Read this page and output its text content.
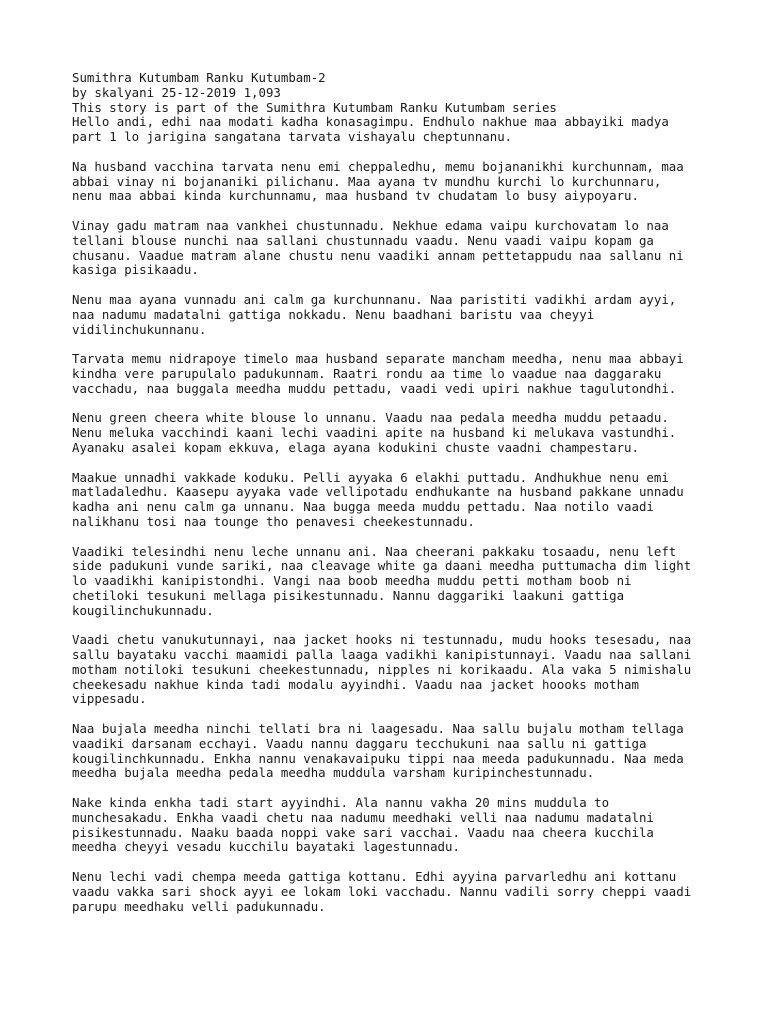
Sumithra Kutumbam Ranku Kutumbam-2
by skalyani 25-12-2019 1,093
This story is part of the Sumithra Kutumbam Ranku Kutumbam series
Hello andi, edhi naa modati kadha konasagimpu. Endhulo nakhue maa abbayiki madya
part 1 lo jarigina sangatana tarvata vishayalu cheptunnanu.
Na husband vacchina tarvata nenu emi cheppaledhu, memu bojananikhi kurchunnam, maa
abbai vinay ni bojananiki pilichanu. Maa ayana tv mundhu kurchi lo kurchunnaru,
nenu maa abbai kinda kurchunnamu, maa husband tv chudatam lo busy aiypoyaru.
Vinay gadu matram naa vankhei chustunnadu. Nekhue edama vaipu kurchovatam lo naa
tellani blouse nunchi naa sallani chustunnadu vaadu. Nenu vaadi vaipu kopam ga
chusanu. Vaadue matram alane chustu nenu vaadiki annam pettetappudu naa sallanu ni
kasiga pisikaadu.
Nenu maa ayana vunnadu ani calm ga kurchunnanu. Naa paristiti vadikhi ardam ayyi,
naa nadumu madatalni gattiga nokkadu. Nenu baadhani baristu vaa cheyyi
vidilinchukunnanu.
Tarvata memu nidrapoye timelo maa husband separate mancham meedha, nenu maa abbayi
kindha vere parupulalo padukunnam. Raatri rondu aa time lo vaadue naa daggaraku
vacchadu, naa buggala meedha muddu pettadu, vaadi vedi upiri nakhue tagulutondhi.
Nenu green cheera white blouse lo unnanu. Vaadu naa pedala meedha muddu petaadu.
Nenu meluka vacchindi kaani lechi vaadini apite na husband ki melukava vastundhi.
Ayanaku asalei kopam ekkuva, elaga ayana kodukini chuste vaadni champestaru.
Maakue unnadhi vakkade koduku. Pelli ayyaka 6 elakhi puttadu. Andhukhue nenu emi
matladaledhu. Kaasepu ayyaka vade vellipotadu endhukante na husband pakkane unnadu
kadha ani nenu calm ga unnanu. Naa bugga meeda muddu pettadu. Naa notilo vaadi
nalikhanu tosi naa tounge tho penavesi cheekestunnadu.
Vaadiki telesindhi nenu leche unnanu ani. Naa cheerani pakkaku tosaadu, nenu left
side padukuni vunde sariki, naa cleavage white ga daani meedha puttumacha dim light
lo vaadikhi kanipistondhi. Vangi naa boob meedha muddu petti motham boob ni
chetiloki tesukuni mellaga pisikestunnadu. Nannu daggariki laakuni gattiga
kougilinchukunnadu.
Vaadi chetu vanukutunnayi, naa jacket hooks ni testunnadu, mudu hooks tesesadu, naa
sallu bayataku vacchi maamidi palla laaga vadikhi kanipistunnayi. Vaadu naa sallani
motham notiloki tesukuni cheekestunnadu, nipples ni korikaadu. Ala vaka 5 nimishalu
cheekesadu nakhue kinda tadi modalu ayyindhi. Vaadu naa jacket hoooks motham
vippesadu.
Naa bujala meedha ninchi tellati bra ni laagesadu. Naa sallu bujalu motham tellaga
vaadiki darsanam ecchayi. Vaadu nannu daggaru tecchukuni naa sallu ni gattiga
kougilinchkunnadu. Enkha nannu venakavaipuku tippi naa meeda padukunnadu. Naa meda
meedha bujala meedha pedala meedha muddula varsham kuripinchestunnadu.
Nake kinda enkha tadi start ayyindhi. Ala nannu vakha 20 mins muddula to
munchesakadu. Enkha vaadi chetu naa nadumu meedhaki velli naa nadumu madatalni
pisikestunnadu. Naaku baada noppi vake sari vacchai. Vaadu naa cheera kucchila
meedha cheyyi vesadu kucchilu bayataki lagestunnadu.
Nenu lechi vadi chempa meeda gattiga kottanu. Edhi ayyina parvarledhu ani kottanu
vaadu vakka sari shock ayyi ee lokam loki vacchadu. Nannu vadili sorry cheppi vaadi
parupu meedhaku velli padukunnadu.
